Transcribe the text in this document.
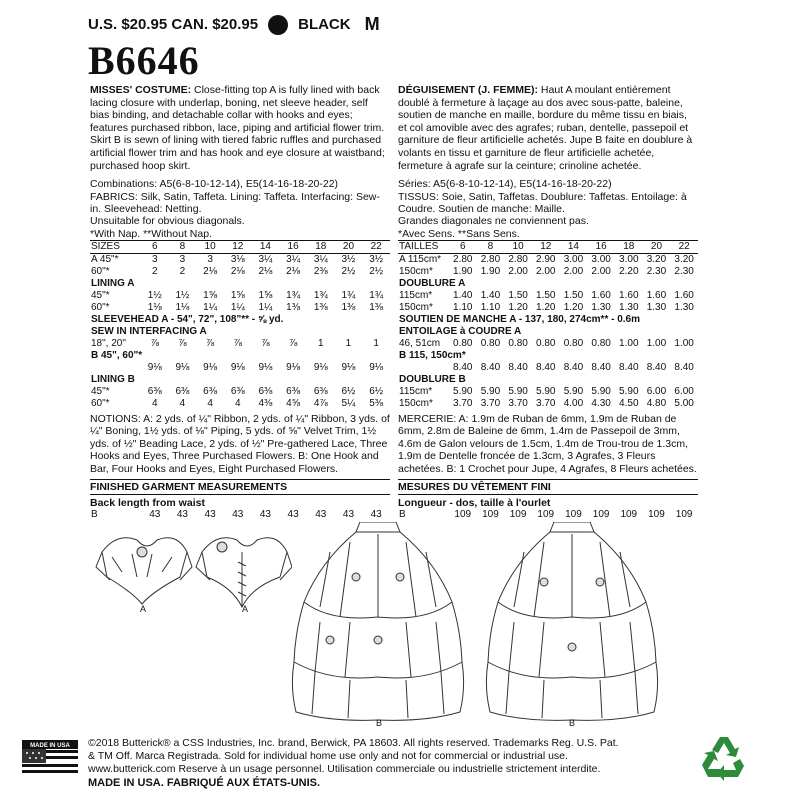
U.S. $20.95 CAN. $20.95	BLACK M
B6646
MISSES' COSTUME: Close-fitting top A is fully lined with back lacing closure with underlap, boning, net sleeve header, self bias binding, and detachable collar with hooks and eyes; features purchased ribbon, lace, piping and artificial flower trim. Skirt B is sewn of lining with tiered fabric ruffles and purchased artificial flower trim and has hook and eye closure at waistband; purchased hoop skirt.
Combinations: A5(6-8-10-12-14), E5(14-16-18-20-22)
FABRICS: Silk, Satin, Taffeta. Lining: Taffeta. Interfacing: Sew-in. Sleevehead: Netting.
Unsuitable for obvious diagonals.
*With Nap. **Without Nap.
SIZES	6	8	10	12	14	16	18	20	22
A 45"*	3	3	3	3⅛	3¼	3¼	3¼	3½	3½
60"*	2	2	2⅛	2⅛	2⅛	2⅛	2⅜	2½	2½
LINING A									
45"*	1½	1½	1⅝	1⅝	1⅝	1¾	1¾	1¾	1¾
60"*	1⅛	1⅛	1¼	1¼	1¼	1⅜	1⅜	1⅜	1⅜
SLEEVEHEAD A - 54", 72", 108"** - ⅝ yd.									
SEW IN INTERFACING A									
18", 20"	⅞	⅞	⅞	⅞	⅞	⅞	1	1	1
B 45", 60"*									
	9⅛	9⅛	9⅛	9⅛	9⅛	9⅛	9⅛	9⅛	9⅛
LINING B									
45"*	6⅜	6⅜	6⅜	6⅜	6⅜	6⅜	6⅜	6½	6½
60"*	4	4	4	4	4⅜	4⅝	4⅞	5¼	5⅜
NOTIONS: A: 2 yds. of ¼" Ribbon, 2 yds. of ¼" Ribbon, 3 yds. of ¼" Boning, 1½ yds. of ⅛" Piping, 5 yds. of ⅝" Velvet Trim, 1½ yds. of ½" Beading Lace, 2 yds. of ½" Pre-gathered Lace, Three Hooks and Eyes, Three Purchased Flowers. B: One Hook and Bar, Four Hooks and Eyes, Eight Purchased Flowers.
FINISHED GARMENT MEASUREMENTS
Back length from waist
B	43	43	43	43	43	43	43	43	43
DÉGUISEMENT (J. FEMME): Haut A moulant entièrement doublé à fermeture à laçage au dos avec sous-patte, baleine, soutien de manche en maille, bordure du même tissu en biais, et col amovible avec des agrafes; ruban, dentelle, passepoil et garniture de fleur artificielle achetés. Jupe B faite en doublure à volants en tissu et garniture de fleur artificielle achetée, fermeture à agrafe sur la ceinture; crinoline achetée.
Séries: A5(6-8-10-12-14), E5(14-16-18-20-22)
TISSUS: Soie, Satin, Taffetas. Doublure: Taffetas. Entoilage: à Coudre. Soutien de manche: Maille.
Grandes diagonales ne conviennent pas.
*Avec Sens. **Sans Sens.
TAILLES	6	8	10	12	14	16	18	20	22
A 115cm*	2.80	2.80	2.80	2.90	3.00	3.00	3.00	3.20	3.20
150cm*	1.90	1.90	2.00	2.00	2.00	2.00	2.20	2.30	2.30
DOUBLURE A									
115cm*	1.40	1.40	1.50	1.50	1.50	1.60	1.60	1.60	1.60
150cm*	1.10	1.10	1.20	1.20	1.20	1.30	1.30	1.30	1.30
SOUTIEN DE MANCHE A - 137, 180, 274cm** - 0.6m									
ENTOILAGE à COUDRE A									
46, 51cm	0.80	0.80	0.80	0.80	0.80	0.80	1.00	1.00	1.00
B 115, 150cm*									
	8.40	8.40	8.40	8.40	8.40	8.40	8.40	8.40	8.40
DOUBLURE B									
115cm*	5.90	5.90	5.90	5.90	5.90	5.90	5.90	6.00	6.00
150cm*	3.70	3.70	3.70	3.70	4.00	4.30	4.50	4.80	5.00
MERCERIE: A: 1.9m de Ruban de 6mm, 1.9m de Ruban de 6mm, 2.8m de Baleine de 6mm, 1.4m de Passepoil de 3mm, 4.6m de Galon velours de 1.5cm, 1.4m de Trou-trou de 1.3cm, 1.9m de Dentelle froncée de 1.3cm, 3 Agrafes, 3 Fleurs achetées. B: 1 Crochet pour Jupe, 4 Agrafes, 8 Fleurs achetées.
MESURES DU VÊTEMENT FINI
Longueur - dos, taille à l'ourlet
B	109	109	109	109	109	109	109	109	109
A	A
B	B
MADE IN USA ©2018 Butterick® a CSS Industries, Inc. brand, Berwick, PA 18603. All rights reserved. Trademarks Reg. U.S. Pat.
& TM Off. Marca Registrada. Sold for individual home use only and not for commercial or industrial use.
www.butterick.com Reserve à un usage personnel. Utilisation commerciale ou industrielle strictement interdite.
MADE IN USA. FABRIQUÉ AUX ÉTATS-UNIS.
